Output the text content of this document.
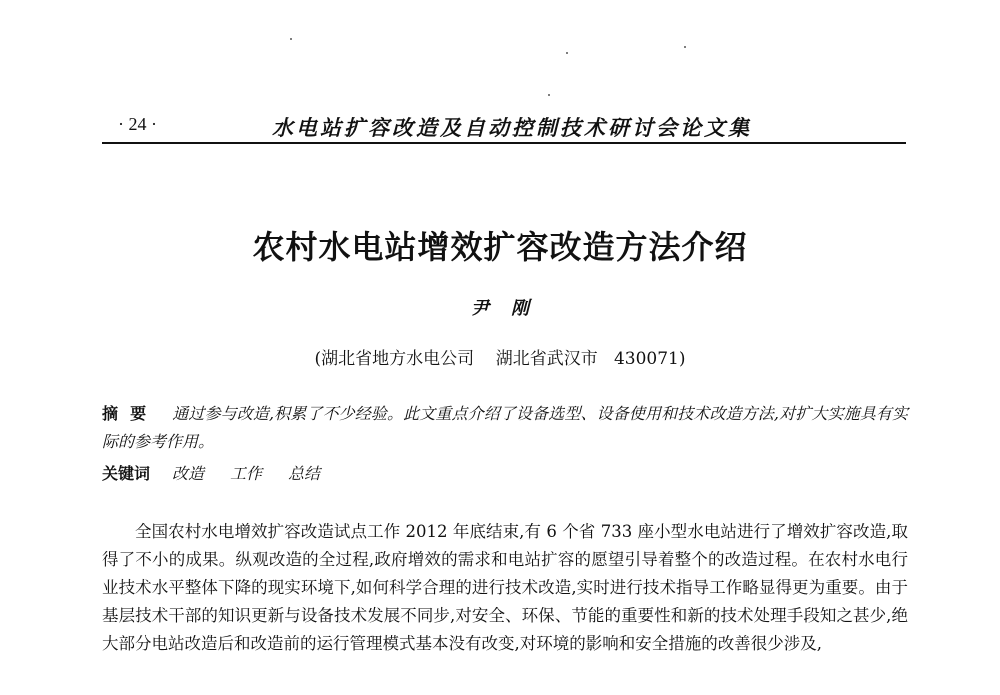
· 24 ·	水电站扩容改造及自动控制技术研讨会论文集
农村水电站增效扩容改造方法介绍
尹刚
(湖北省地方水电公司 湖北省武汉市 430071)
摘要 通过参与改造,积累了不少经验。此文重点介绍了设备选型、设备使用和技术改造方法,对扩大实施具有实际的参考作用。
关键词 改造 工作 总结
全国农村水电增效扩容改造试点工作 2012 年底结束,有 6 个省 733 座小型水电站进行了增效扩容改造,取得了不小的成果。纵观改造的全过程,政府增效的需求和电站扩容的愿望引导着整个的改造过程。在农村水电行业技术水平整体下降的现实环境下,如何科学合理的进行技术改造,实时进行技术指导工作略显得更为重要。由于基层技术干部的知识更新与设备技术发展不同步,对安全、环保、节能的重要性和新的技术处理手段知之甚少,绝大部分电站改造后和改造前的运行管理模式基本没有改变,对环境的影响和安全措施的改善很少涉及,
